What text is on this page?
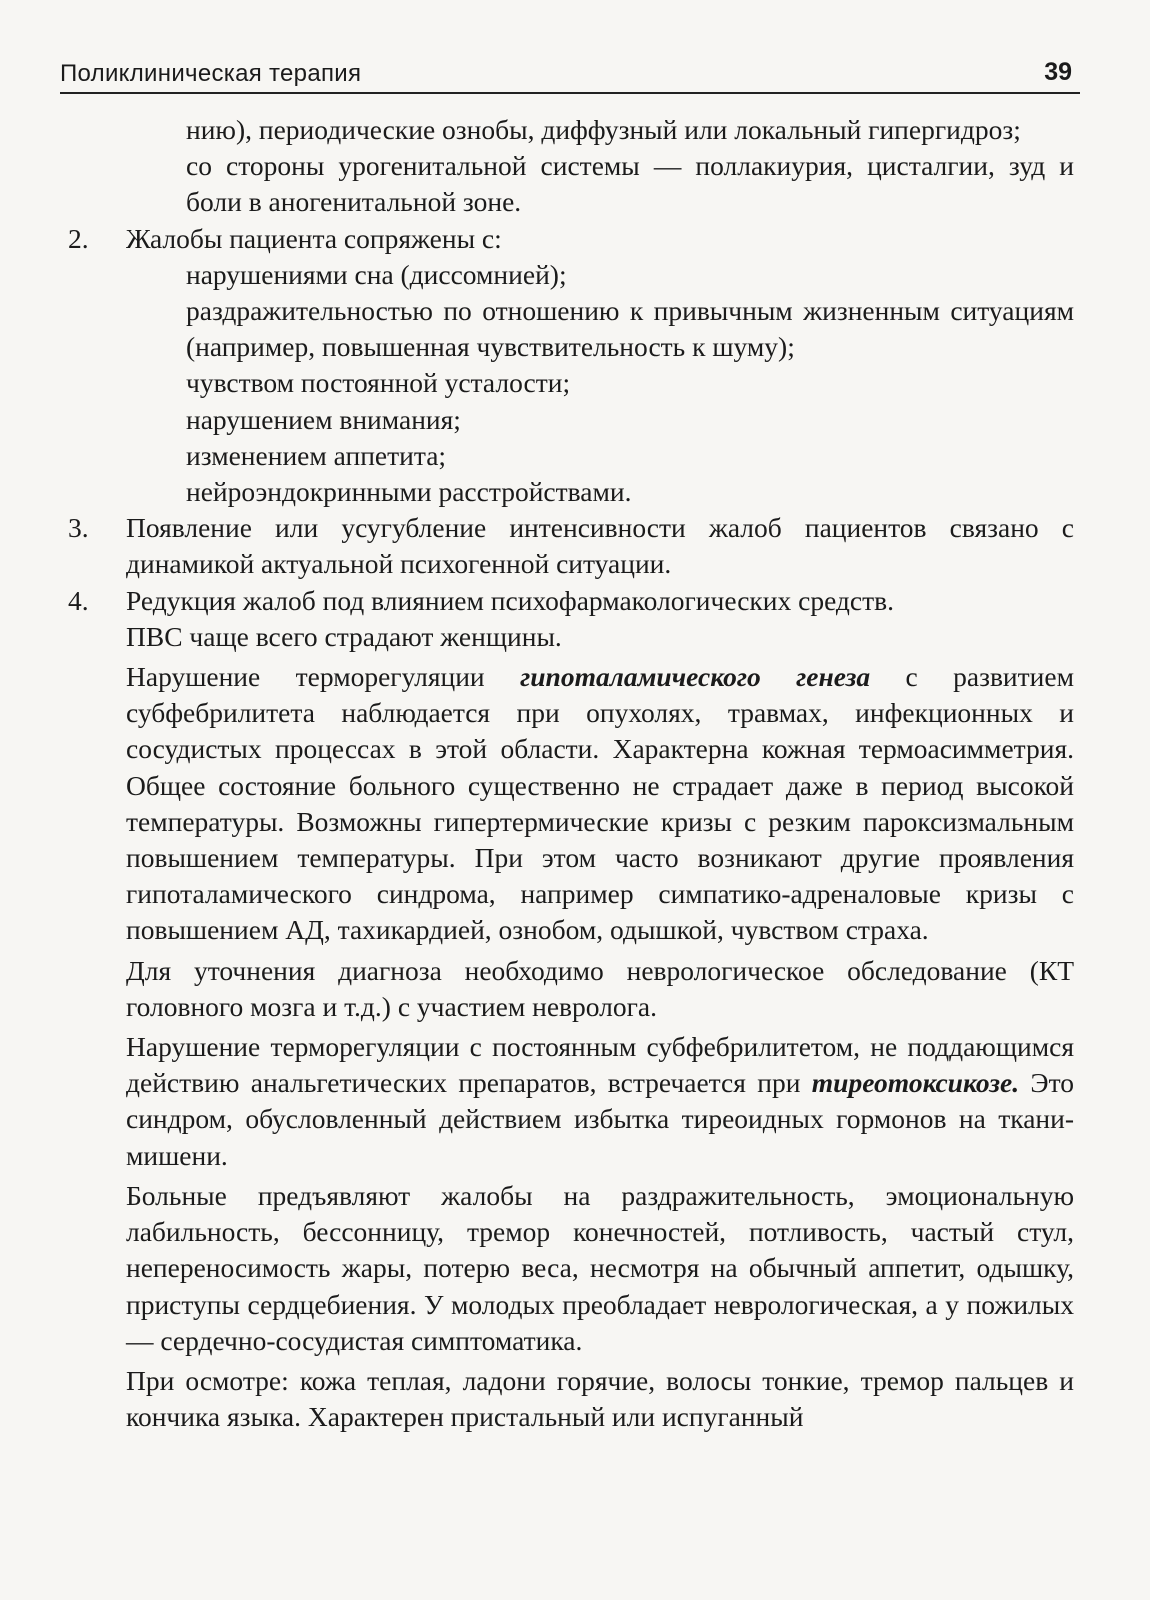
Поликлиническая терапия	39

нию), периодические ознобы, диффузный или локальный гипергидроз;

со стороны урогенитальной системы — поллакиурия, цисталгии, зуд и боли в аногенитальной зоне.

2.	Жалобы пациента сопряжены с:

нарушениями сна (диссомнией);

раздражительностью по отношению к привычным жизненным ситуациям (например, повышенная чувствительность к шуму);

чувством постоянной усталости;

нарушением внимания;

изменением аппетита;

нейроэндокринными расстройствами.

3.	Появление или усугубление интенсивности жалоб пациентов связано с динамикой актуальной психогенной ситуации.

4.	Редукция жалоб под влиянием психофармакологических средств.

ПВС чаще всего страдают женщины.

Нарушение терморегуляции гипоталамического генеза с развитием субфебрилитета наблюдается при опухолях, травмах, инфекционных и сосудистых процессах в этой области. Характерна кожная термоасимметрия. Общее состояние больного существенно не страдает даже в период высокой температуры. Возможны гипертермические кризы с резким пароксизмальным повышением температуры. При этом часто возникают другие проявления гипоталамического синдрома, например симпатико-адреналовые кризы с повышением АД, тахикардией, ознобом, одышкой, чувством страха.

Для уточнения диагноза необходимо неврологическое обследование (КТ головного мозга и т.д.) с участием невролога.

Нарушение терморегуляции с постоянным субфебрилитетом, не поддающимся действию анальгетических препаратов, встречается при тиреотоксикозе. Это синдром, обусловленный действием избытка тиреоидных гормонов на ткани-мишени.

Больные предъявляют жалобы на раздражительность, эмоциональную лабильность, бессонницу, тремор конечностей, потливость, частый стул, непереносимость жары, потерю веса, несмотря на обычный аппетит, одышку, приступы сердцебиения. У молодых преобладает неврологическая, а у пожилых — сердечно-сосудистая симптоматика.

При осмотре: кожа теплая, ладони горячие, волосы тонкие, тремор пальцев и кончика языка. Характерен пристальный или испуганный
